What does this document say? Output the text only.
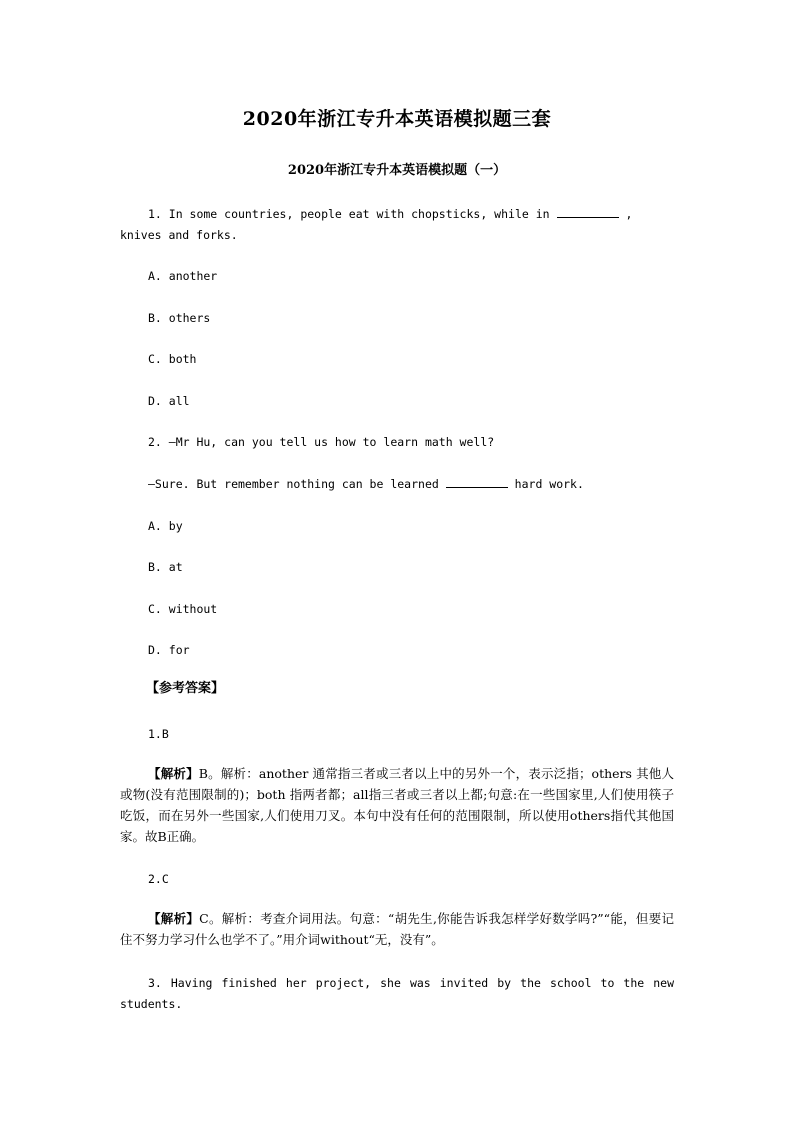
2020年浙江专升本英语模拟题三套
2020年浙江专升本英语模拟题（一）

1. In some countries, people eat with chopsticks, while in	,

knives and forks.

A. another

B. others

C. both

D. all

2. —Mr Hu, can you tell us how to learn math well?

—Sure. But remember nothing can be learned	hard work.

A. by

B. at

C. without

D. for

【参考答案】

1.B

【解析】B。解析：another 通常指三者或三者以上中的另外一个，表示泛指；others 其他人或物(没有范围限制的)；both 指两者都；all指三者或三者以上都;句意:在一些国家里,人们使用筷子吃饭，而在另外一些国家,人们使用刀叉。本句中没有任何的范围限制，所以使用others指代其他国家。故B正确。

2.C

【解析】C。解析：考查介词用法。句意：“胡先生,你能告诉我怎样学好数学吗?”“能，但要记住不努力学习什么也学不了。”用介词without“无，没有”。

3. Having finished her project, she was invited by the school to the new students.
